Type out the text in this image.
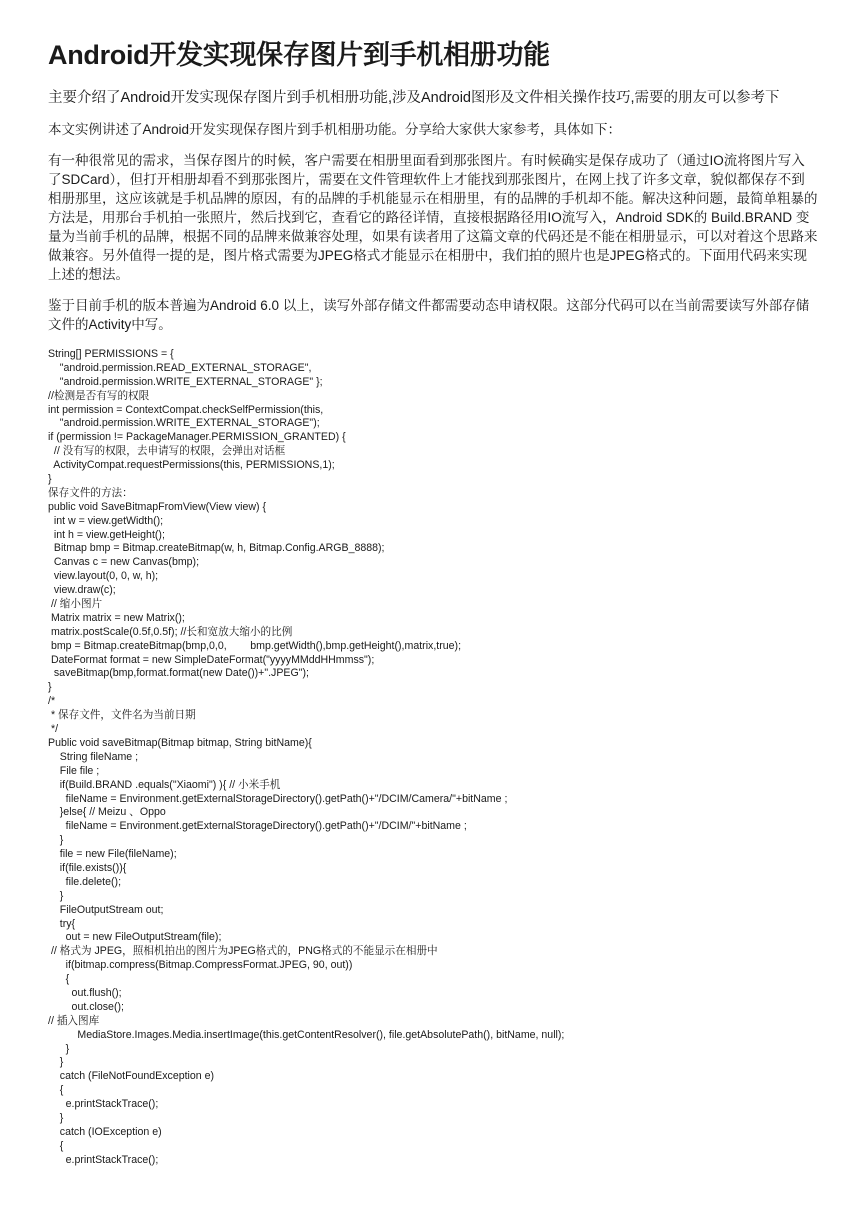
Android开发实现保存图片到手机相册功能

主要介绍了Android开发实现保存图片到手机相册功能,涉及Android图形及文件相关操作技巧,需要的朋友可以参考下

本文实例讲述了Android开发实现保存图片到手机相册功能。分享给大家供大家参考，具体如下：

有一种很常见的需求，当保存图片的时候，客户需要在相册里面看到那张图片。有时候确实是保存成功了（通过IO流将图片写入了SDCard），但打开相册却看不到那张图片，需要在文件管理软件上才能找到那张图片，在网上找了许多文章，貌似都保存不到相册那里，这应该就是手机品牌的原因，有的品牌的手机能显示在相册里，有的品牌的手机却不能。解决这种问题，最简单粗暴的方法是，用那台手机拍一张照片，然后找到它，查看它的路径详情，直接根据路径用IO流写入，Android SDK的 Build.BRAND 变量为当前手机的品牌，根据不同的品牌来做兼容处理，如果有读者用了这篇文章的代码还是不能在相册显示，可以对着这个思路来做兼容。另外值得一提的是，图片格式需要为JPEG格式才能显示在相册中，我们拍的照片也是JPEG格式的。下面用代码来实现上述的想法。

鉴于目前手机的版本普遍为Android 6.0 以上，读写外部存储文件都需要动态申请权限。这部分代码可以在当前需要读写外部存储文件的Activity中写。

String[] PERMISSIONS = {
"android.permission.READ_EXTERNAL_STORAGE",
"android.permission.WRITE_EXTERNAL_STORAGE" };
//检测是否有写的权限
int permission = ContextCompat.checkSelfPermission(this,
"android.permission.WRITE_EXTERNAL_STORAGE");
if (permission != PackageManager.PERMISSION_GRANTED) {
// 没有写的权限，去申请写的权限，会弹出对话框
ActivityCompat.requestPermissions(this, PERMISSIONS,1);
}
保存文件的方法：
public void SaveBitmapFromView(View view) {
int w = view.getWidth();
int h = view.getHeight();
Bitmap bmp = Bitmap.createBitmap(w, h, Bitmap.Config.ARGB_8888);
Canvas c = new Canvas(bmp);
view.layout(0, 0, w, h);
view.draw(c);
// 缩小图片
Matrix matrix = new Matrix();
matrix.postScale(0.5f,0.5f); //长和宽放大缩小的比例
bmp = Bitmap.createBitmap(bmp,0,0,        bmp.getWidth(),bmp.getHeight(),matrix,true);
DateFormat format = new SimpleDateFormat("yyyyMMddHHmmss");
saveBitmap(bmp,format.format(new Date())+".JPEG");
}
/*
* 保存文件，文件名为当前日期
*/
Public void saveBitmap(Bitmap bitmap, String bitName){
String fileName ;
File file ;
if(Build.BRAND .equals("Xiaomi") ){ // 小米手机
fileName = Environment.getExternalStorageDirectory().getPath()+"/DCIM/Camera/"+bitName ;
}else{ // Meizu 、Oppo
fileName = Environment.getExternalStorageDirectory().getPath()+"/DCIM/"+bitName ;
}
file = new File(fileName);
if(file.exists()){
file.delete();
}
FileOutputStream out;
try{
out = new FileOutputStream(file);
// 格式为 JPEG，照相机拍出的图片为JPEG格式的，PNG格式的不能显示在相册中
if(bitmap.compress(Bitmap.CompressFormat.JPEG, 90, out))
{
out.flush();
out.close();
// 插入图库
MediaStore.Images.Media.insertImage(this.getContentResolver(), file.getAbsolutePath(), bitName, null);
}
}
catch (FileNotFoundException e)
{
e.printStackTrace();
}
catch (IOException e)
{
e.printStackTrace();
